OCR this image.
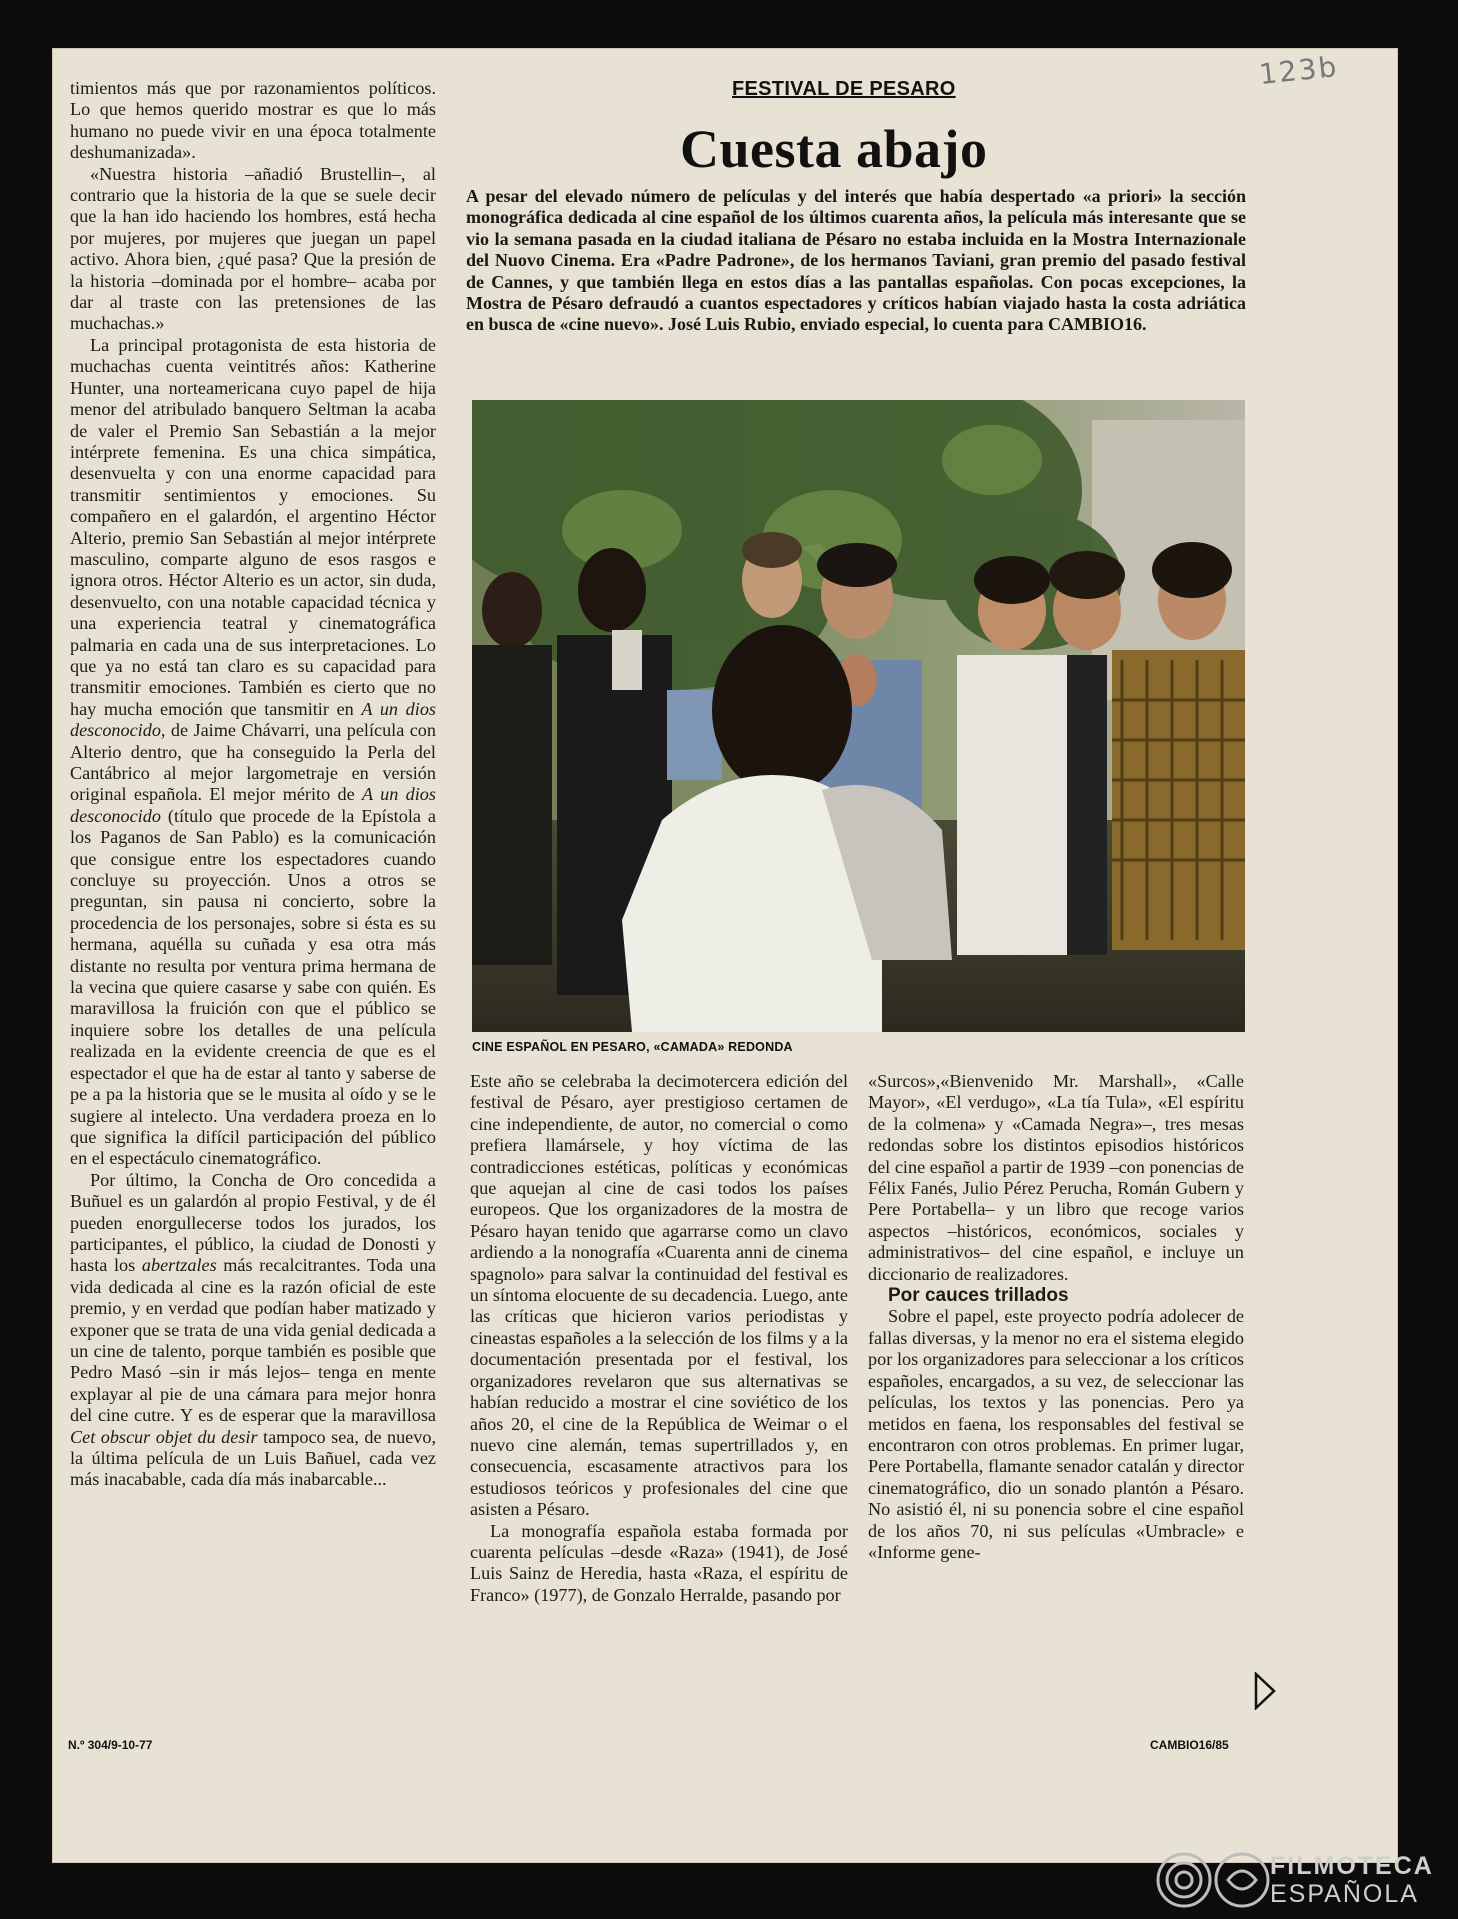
123b

timientos más que por razonamientos políticos. Lo que hemos querido mostrar es que lo más humano no puede vivir en una época totalmente deshumanizada».

«Nuestra historia –añadió Brustellin–, al contrario que la historia de la que se suele decir que la han ido haciendo los hombres, está hecha por mujeres, por mujeres que juegan un papel activo. Ahora bien, ¿qué pasa? Que la presión de la historia –dominada por el hombre– acaba por dar al traste con las pretensiones de las muchachas.»

La principal protagonista de esta historia de muchachas cuenta veintitrés años: Katherine Hunter, una norteamericana cuyo papel de hija menor del atribulado banquero Seltman la acaba de valer el Premio San Sebastián a la mejor intérprete femenina. Es una chica simpática, desenvuelta y con una enorme capacidad para transmitir sentimientos y emociones. Su compañero en el galardón, el argentino Héctor Alterio, premio San Sebastián al mejor intérprete masculino, comparte alguno de esos rasgos e ignora otros. Héctor Alterio es un actor, sin duda, desenvuelto, con una notable capacidad técnica y una experiencia teatral y cinematográfica palmaria en cada una de sus interpretaciones. Lo que ya no está tan claro es su capacidad para transmitir emociones. También es cierto que no hay mucha emoción que tansmitir en A un dios desconocido, de Jaime Chávarri, una película con Alterio dentro, que ha conseguido la Perla del Cantábrico al mejor largometraje en versión original española. El mejor mérito de A un dios desconocido (título que procede de la Epístola a los Paganos de San Pablo) es la comunicación que consigue entre los espectadores cuando concluye su proyección. Unos a otros se preguntan, sin pausa ni concierto, sobre la procedencia de los personajes, sobre si ésta es su hermana, aquélla su cuñada y esa otra más distante no resulta por ventura prima hermana de la vecina que quiere casarse y sabe con quién. Es maravillosa la fruición con que el público se inquiere sobre los detalles de una película realizada en la evidente creencia de que es el espectador el que ha de estar al tanto y saberse de pe a pa la historia que se le musita al oído y se le sugiere al intelecto. Una verdadera proeza en lo que significa la difícil participación del público en el espectáculo cinematográfico.

Por último, la Concha de Oro concedida a Buñuel es un galardón al propio Festival, y de él pueden enorgullecerse todos los jurados, los participantes, el público, la ciudad de Donosti y hasta los abertzales más recalcitrantes. Toda una vida dedicada al cine es la razón oficial de este premio, y en verdad que podían haber matizado y exponer que se trata de una vida genial dedicada a un cine de talento, porque también es posible que Pedro Masó –sin ir más lejos– tenga en mente explayar al pie de una cámara para mejor honra del cine cutre. Y es de esperar que la maravillosa Cet obscur objet du desir tampoco sea, de nuevo, la última película de un Luis Bañuel, cada vez más inacabable, cada día más inabarcable...

FESTIVAL DE PESARO
Cuesta abajo
A pesar del elevado número de películas y del interés que había despertado «a priori» la sección monográfica dedicada al cine español de los últimos cuarenta años, la película más interesante que se vio la semana pasada en la ciudad italiana de Pésaro no estaba incluida en la Mostra Internazionale del Nuovo Cinema. Era «Padre Padrone», de los hermanos Taviani, gran premio del pasado festival de Cannes, y que también llega en estos días a las pantallas españolas. Con pocas excepciones, la Mostra de Pésaro defraudó a cuantos espectadores y críticos habían viajado hasta la costa adriática en busca de «cine nuevo». José Luis Rubio, enviado especial, lo cuenta para CAMBIO16.
CINE ESPAÑOL EN PESARO, «CAMADA» REDONDA

Este año se celebraba la decimotercera edición del festival de Pésaro, ayer prestigioso certamen de cine independiente, de autor, no comercial o como prefiera llamársele, y hoy víctima de las contradicciones estéticas, políticas y económicas que aquejan al cine de casi todos los países europeos. Que los organizadores de la mostra de Pésaro hayan tenido que agarrarse como un clavo ardiendo a la nonografía «Cuarenta anni de cinema spagnolo» para salvar la continuidad del festival es un síntoma elocuente de su decadencia. Luego, ante las críticas que hicieron varios periodistas y cineastas españoles a la selección de los films y a la documentación presentada por el festival, los organizadores revelaron que sus alternativas se habían reducido a mostrar el cine soviético de los años 20, el cine de la República de Weimar o el nuevo cine alemán, temas supertrillados y, en consecuencia, escasamente atractivos para los estudiosos teóricos y profesionales del cine que asisten a Pésaro.

La monografía española estaba formada por cuarenta películas –desde «Raza» (1941), de José Luis Sainz de Heredia, hasta «Raza, el espíritu de Franco» (1977), de Gonzalo Herralde, pasando por

«Surcos»,«Bienvenido Mr. Marshall», «Calle Mayor», «El verdugo», «La tía Tula», «El espíritu de la colmena» y «Camada Negra»–, tres mesas redondas sobre los distintos episodios históricos del cine español a partir de 1939 –con ponencias de Félix Fanés, Julio Pérez Perucha, Román Gubern y Pere Portabella– y un libro que recoge varios aspectos –históricos, económicos, sociales y administrativos– del cine español, e incluye un diccionario de realizadores.

Por cauces trillados

Sobre el papel, este proyecto podría adolecer de fallas diversas, y la menor no era el sistema elegido por los organizadores para seleccionar a los críticos españoles, encargados, a su vez, de seleccionar las películas, los textos y las ponencias. Pero ya metidos en faena, los responsables del festival se encontraron con otros problemas. En primer lugar, Pere Portabella, flamante senador catalán y director cinematográfico, dio un sonado plantón a Pésaro. No asistió él, ni su ponencia sobre el cine español de los años 70, ni sus películas «Umbracle» e «Informe gene-

N.º 304/9-10-77	CAMBIO16/85
FILMOTECA
ESPAÑOLA
